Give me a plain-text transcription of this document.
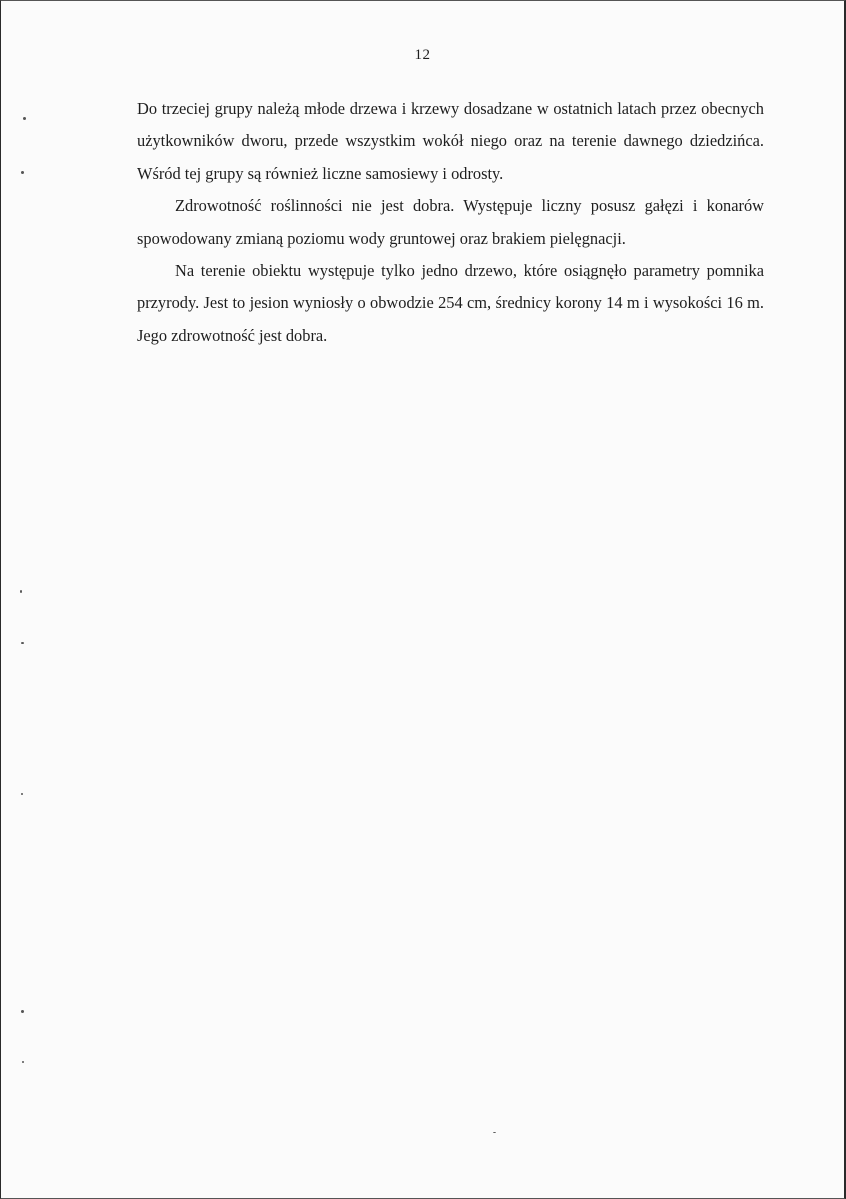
12

Do trzeciej grupy należą młode drzewa i krzewy dosadzane w ostatnich latach przez obecnych użytkowników dworu, przede wszystkim wokół niego oraz na terenie dawnego dziedzińca. Wśród tej grupy są również liczne samosiewy i odrosty.

Zdrowotność roślinności nie jest dobra. Występuje liczny posusz gałęzi i konarów spowodowany zmianą poziomu wody gruntowej oraz brakiem pielęgnacji.

Na terenie obiektu występuje tylko jedno drzewo, które osiągnęło parametry pomnika przyrody. Jest to jesion wyniosły o obwodzie 254 cm, średnicy korony 14 m i wysokości 16 m. Jego zdrowotność jest dobra.
